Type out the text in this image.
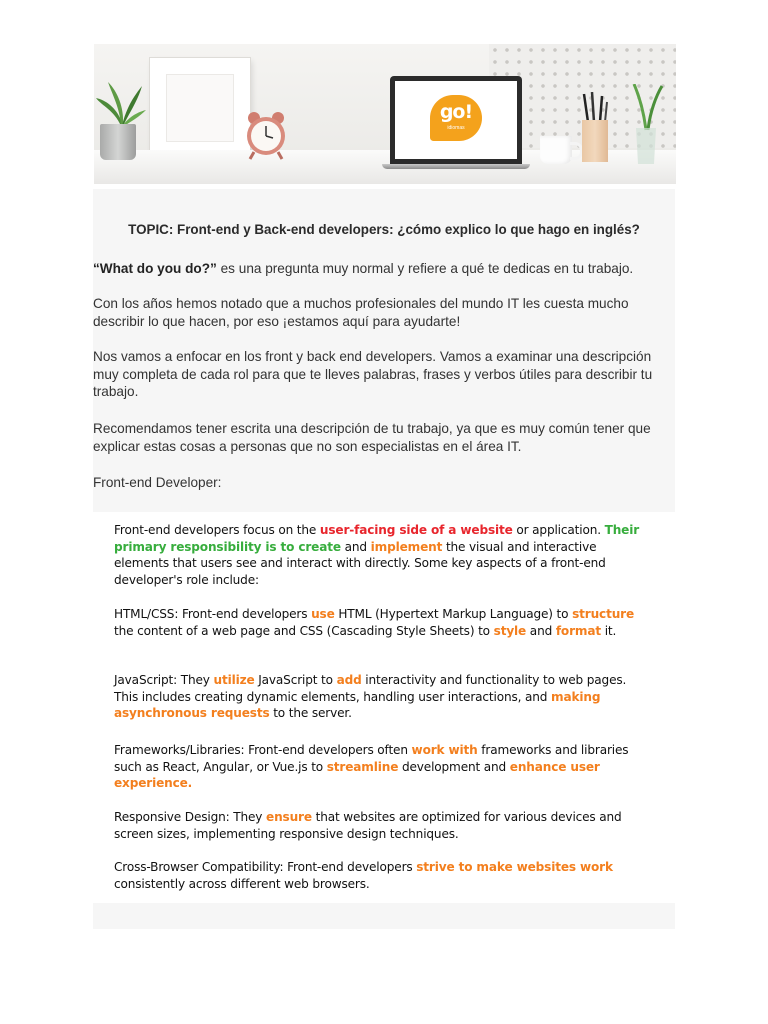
go!
idiomas
TOPIC: Front-end y Back-end developers: ¿cómo explico lo que hago en inglés?

“What do you do?” es una pregunta muy normal y refiere a qué te dedicas en tu trabajo.

Con los años hemos notado que a muchos profesionales del mundo IT les cuesta mucho describir lo que hacen, por eso ¡estamos aquí para ayudarte!

Nos vamos a enfocar en los front y back end developers. Vamos a examinar una descripción muy completa de cada rol para que te lleves palabras, frases y verbos útiles para describir tu trabajo.

Recomendamos tener escrita una descripción de tu trabajo, ya que es muy común tener que explicar estas cosas a personas que no son especialistas en el área IT.

Front-end Developer:

Front-end developers focus on the user-facing side of a website or application. Their primary responsibility is to create and implement the visual and interactive elements that users see and interact with directly. Some key aspects of a front-end developer's role include:

HTML/CSS: Front-end developers use HTML (Hypertext Markup Language) to structure the content of a web page and CSS (Cascading Style Sheets) to style and format it.

JavaScript: They utilize JavaScript to add interactivity and functionality to web pages. This includes creating dynamic elements, handling user interactions, and making asynchronous requests to the server.

Frameworks/Libraries: Front-end developers often work with frameworks and libraries such as React, Angular, or Vue.js to streamline development and enhance user experience.

Responsive Design: They ensure that websites are optimized for various devices and screen sizes, implementing responsive design techniques.

Cross-Browser Compatibility: Front-end developers strive to make websites work consistently across different web browsers.
